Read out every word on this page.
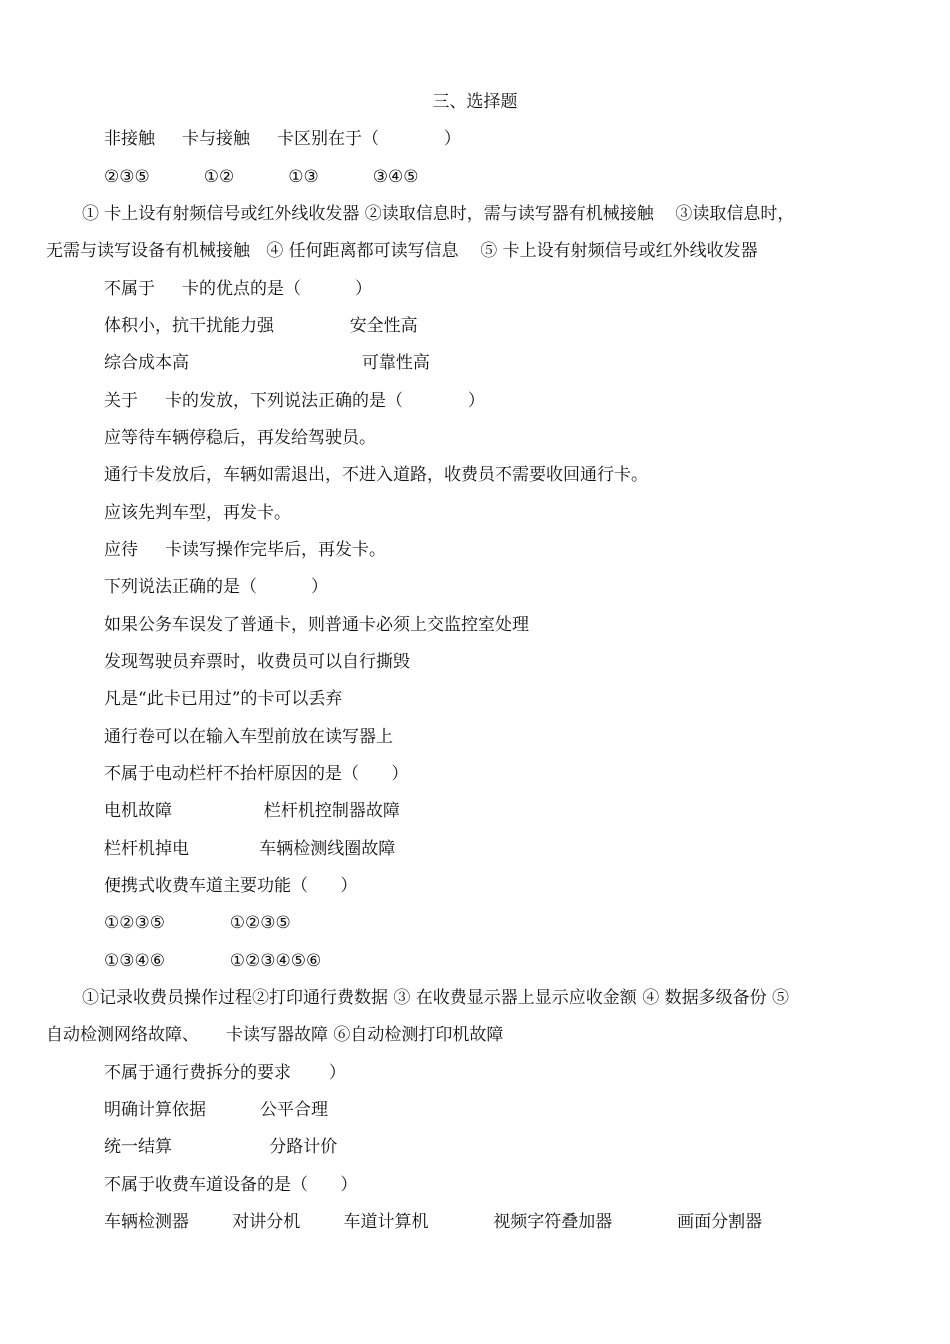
三、选择题
非接触     卡与接触     卡区别在于（            ）
②③⑤          ①②          ①③          ③④⑤
① 卡上设有射频信号或红外线收发器 ②读取信息时，需与读写器有机械接触    ③读取信息时，
无需与读写设备有机械接触   ④ 任何距离都可读写信息    ⑤ 卡上设有射频信号或红外线收发器
不属于     卡的优点的是（          ）
体积小，抗干扰能力强              安全性高
综合成本高                                可靠性高
关于     卡的发放，下列说法正确的是（            ）
应等待车辆停稳后，再发给驾驶员。
通行卡发放后，车辆如需退出，不进入道路，收费员不需要收回通行卡。
应该先判车型，再发卡。
应待     卡读写操作完毕后，再发卡。
下列说法正确的是（          ）
如果公务车误发了普通卡，则普通卡必须上交监控室处理
发现驾驶员弃票时，收费员可以自行撕毁
凡是“此卡已用过”的卡可以丢弃
通行卷可以在输入车型前放在读写器上
不属于电动栏杆不抬杆原因的是（      ）
电机故障                 栏杆机控制器故障
栏杆机掉电             车辆检测线圈故障
便携式收费车道主要功能（      ）
①②③⑤            ①②③⑤
①③④⑥            ①②③④⑤⑥
①记录收费员操作过程②打印通行费数据 ③ 在收费显示器上显示应收金额 ④ 数据多级备份 ⑤
自动检测网络故障、     卡读写器故障 ⑥自动检测打印机故障
不属于通行费拆分的要求       ）
明确计算依据          公平合理
统一结算                  分路计价
不属于收费车道设备的是（      ）
车辆检测器        对讲分机        车道计算机            视频字符叠加器            画面分割器
